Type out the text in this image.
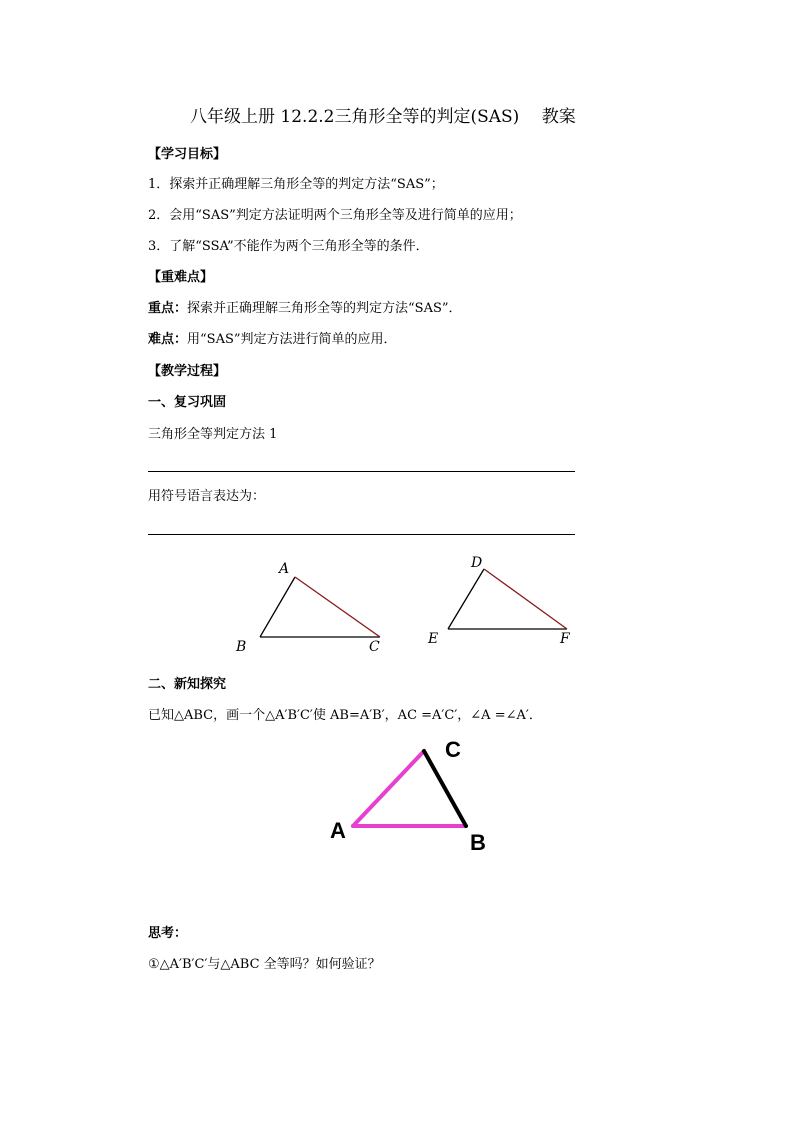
八年级上册 12.2.2三角形全等的判定(SAS)　 教案
【学习目标】
1．探索并正确理解三角形全等的判定方法“SAS”；
2．会用“SAS”判定方法证明两个三角形全等及进行简单的应用；
3．了解“SSA”不能作为两个三角形全等的条件．
【重难点】
重点：探索并正确理解三角形全等的判定方法“SAS”．
难点：用“SAS”判定方法进行简单的应用．
【教学过程】
一、复习巩固
三角形全等判定方法 1
用符号语言表达为：
A
B	C
D
E	F
二、新知探究
已知△ABC，画一个△A′B′C′使 AB=A′B′，AC =A′C′，∠A =∠A′．
A	B
C
思考：
①△A′B′C′与△ABC 全等吗？如何验证？
